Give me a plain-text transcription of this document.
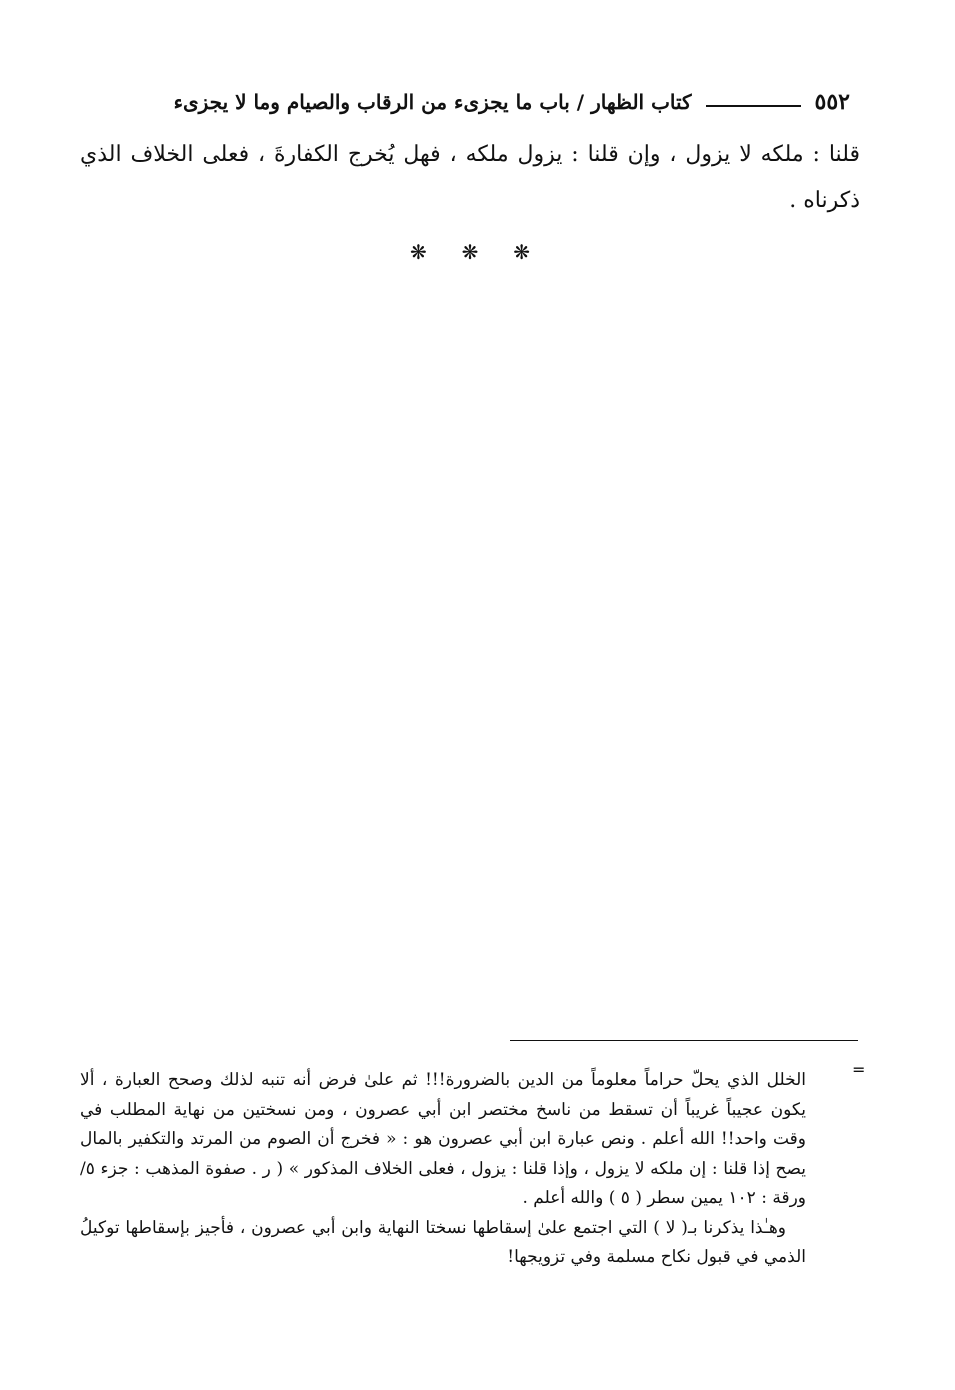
٥٥٢
كتاب الظهار / باب ما يجزىء من الرقاب والصيام وما لا يجزىء
قلنا : ملكه لا يزول ، وإن قلنا : يزول ملكه ، فهل يُخرج الكفارةَ ، فعلى الخلاف الذي ذكرناه .
❋
❋
❋
=

الخلل الذي يحلّ حراماً معلوماً من الدين بالضرورة!!! ثم علىٰ فرض أنه تنبه لذلك وصحح العبارة ، ألا يكون عجيباً غريباً أن تسقط من ناسخ مختصر ابن أبي عصرون ، ومن نسختين من نهاية المطلب في وقت واحد!! الله أعلم . ونص عبارة ابن أبي عصرون هو : « فخرج أن الصوم من المرتد والتكفير بالمال يصح إذا قلنا : إن ملكه لا يزول ، وإذا قلنا : يزول ، فعلى الخلاف المذكور » ( ر . صفوة المذهب : جزء ٥/ ورقة : ١٠٢ يمين سطر ( ٥ ) والله أعلم .

وهـٰذا يذكرنا بـ( لا ) التي اجتمع علىٰ إسقاطها نسختا النهاية وابن أبي عصرون ، فأجيز بإسقاطها توكيلُ الذمي في قبول نكاح مسلمة وفي تزويجها!
